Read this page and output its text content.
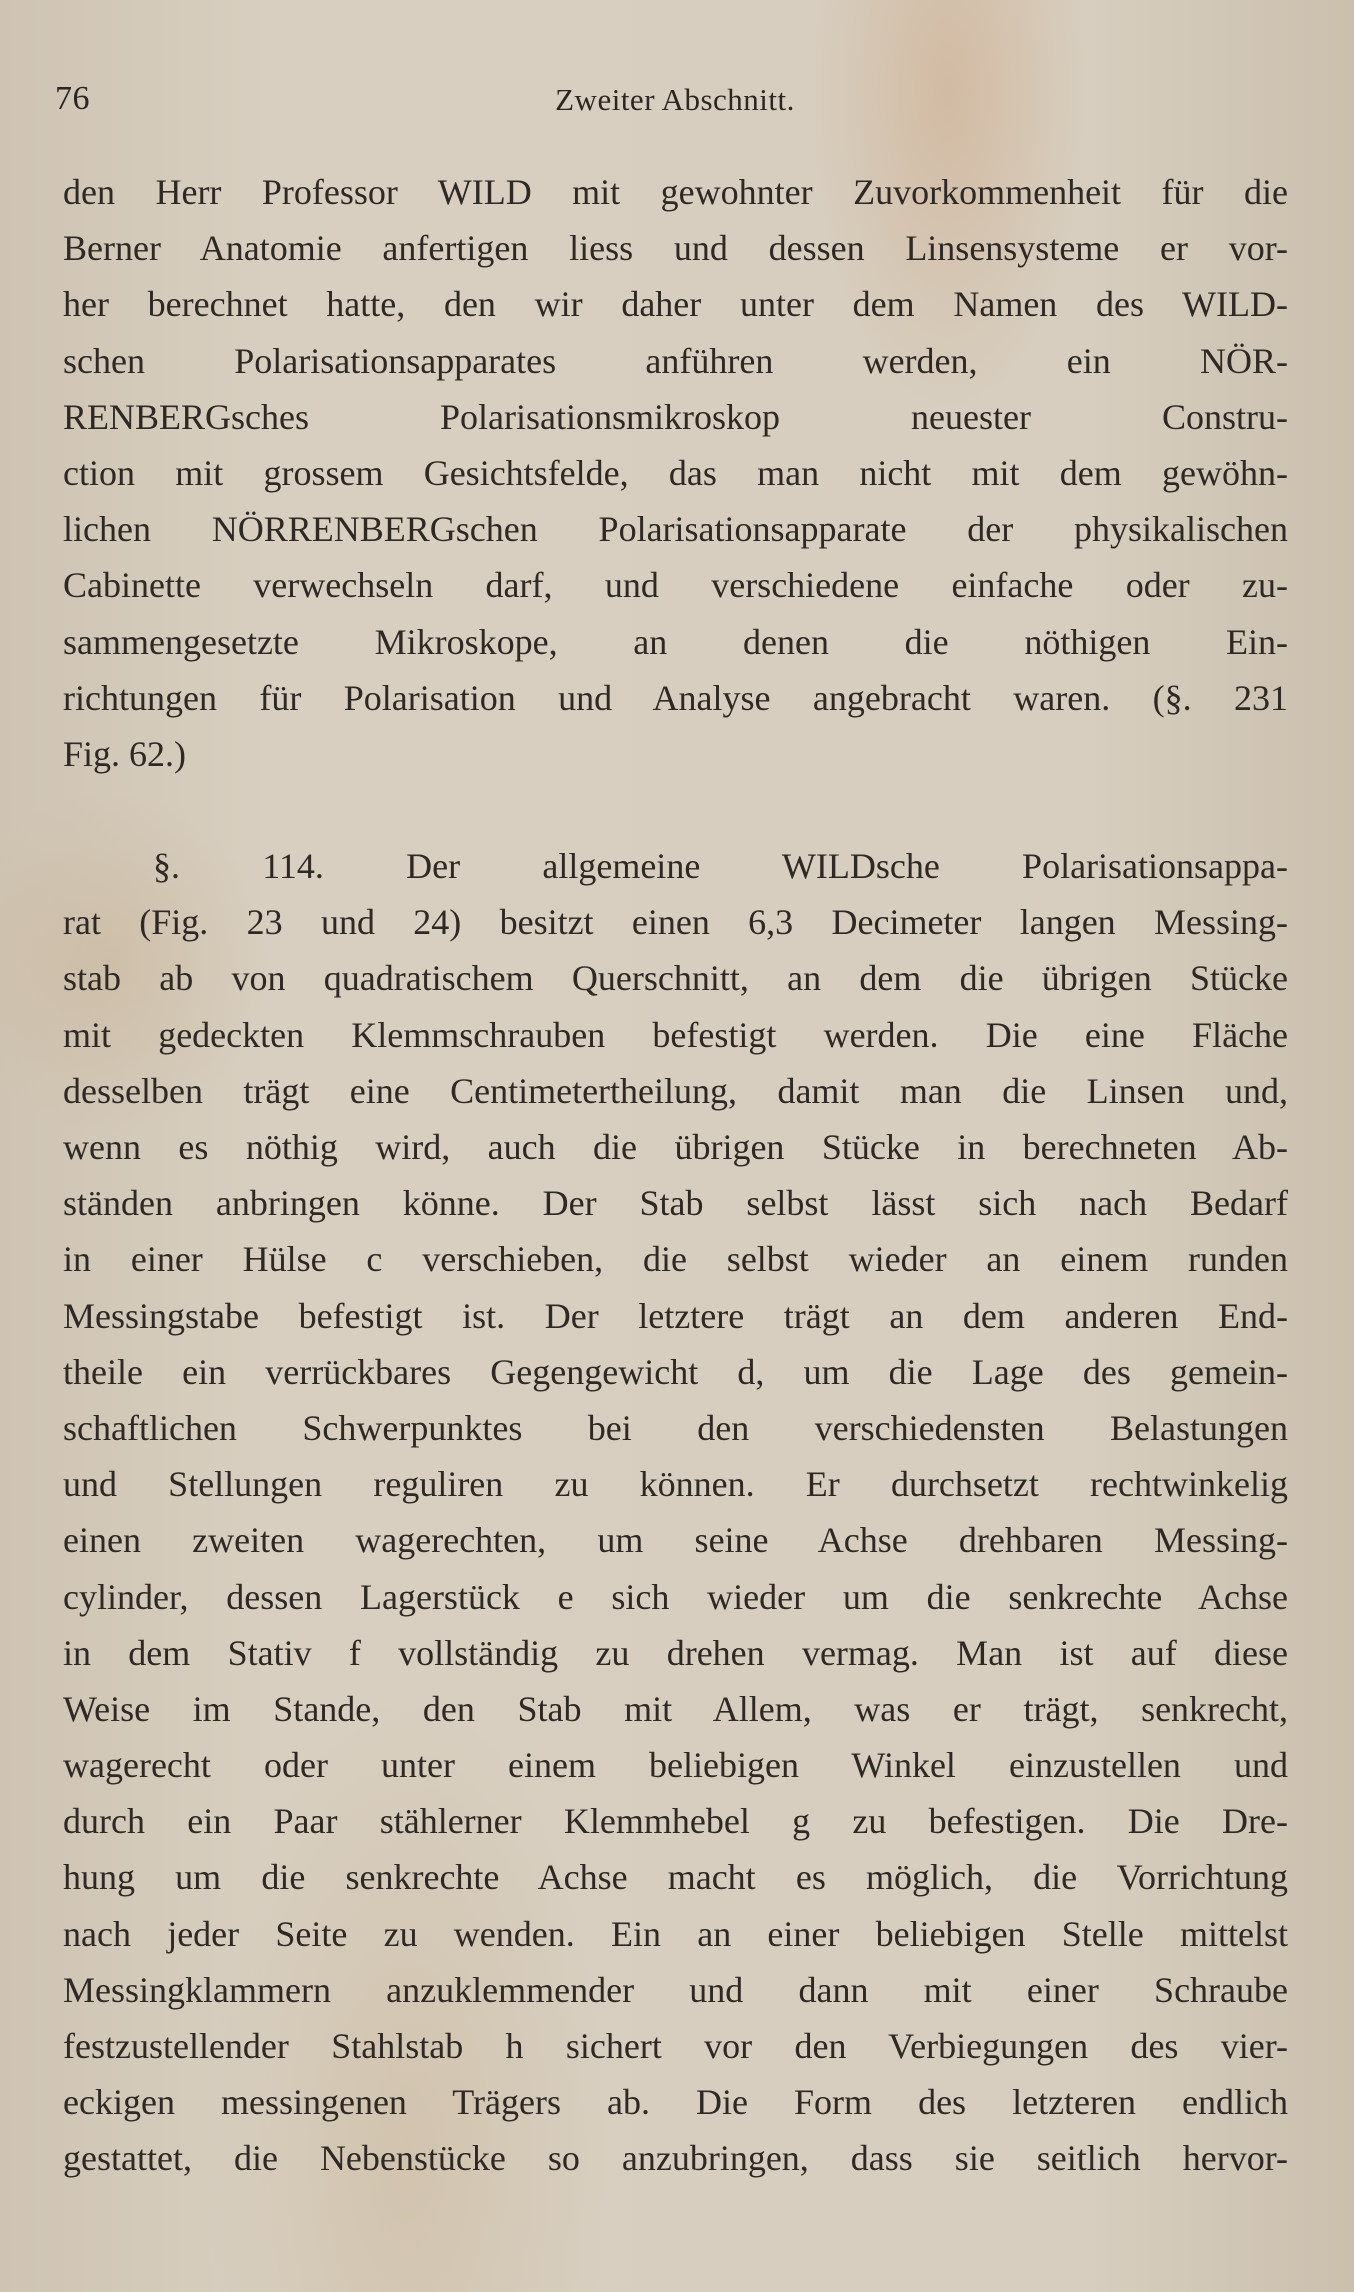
76	Zweiter Abschnitt.
den Herr Professor WILD mit gewohnter Zuvorkommenheit für die
Berner Anatomie anfertigen liess und dessen Linsensysteme er vor-
her berechnet hatte, den wir daher unter dem Namen des WILD-
schen Polarisationsapparates anführen werden, ein NÖR-
RENBERGsches Polarisationsmikroskop neuester Constru-
ction mit grossem Gesichtsfelde, das man nicht mit dem gewöhn-
lichen NÖRRENBERGschen Polarisationsapparate der physikalischen
Cabinette verwechseln darf, und verschiedene einfache oder zu-
sammengesetzte Mikroskope, an denen die nöthigen Ein-
richtungen für Polarisation und Analyse angebracht waren. (§. 231
Fig. 62.)
§. 114. Der allgemeine WILDsche Polarisationsappa-
rat (Fig. 23 und 24) besitzt einen 6,3 Decimeter langen Messing-
stab ab von quadratischem Querschnitt, an dem die übrigen Stücke
mit gedeckten Klemmschrauben befestigt werden. Die eine Fläche
desselben trägt eine Centimetertheilung, damit man die Linsen und,
wenn es nöthig wird, auch die übrigen Stücke in berechneten Ab-
ständen anbringen könne. Der Stab selbst lässt sich nach Bedarf
in einer Hülse c verschieben, die selbst wieder an einem runden
Messingstabe befestigt ist. Der letztere trägt an dem anderen End-
theile ein verrückbares Gegengewicht d, um die Lage des gemein-
schaftlichen Schwerpunktes bei den verschiedensten Belastungen
und Stellungen reguliren zu können. Er durchsetzt rechtwinkelig
einen zweiten wagerechten, um seine Achse drehbaren Messing-
cylinder, dessen Lagerstück e sich wieder um die senkrechte Achse
in dem Stativ f vollständig zu drehen vermag. Man ist auf diese
Weise im Stande, den Stab mit Allem, was er trägt, senkrecht,
wagerecht oder unter einem beliebigen Winkel einzustellen und
durch ein Paar stählerner Klemmhebel g zu befestigen. Die Dre-
hung um die senkrechte Achse macht es möglich, die Vorrichtung
nach jeder Seite zu wenden. Ein an einer beliebigen Stelle mittelst
Messingklammern anzuklemmender und dann mit einer Schraube
festzustellender Stahlstab h sichert vor den Verbiegungen des vier-
eckigen messingenen Trägers ab. Die Form des letzteren endlich
gestattet, die Nebenstücke so anzubringen, dass sie seitlich hervor-
